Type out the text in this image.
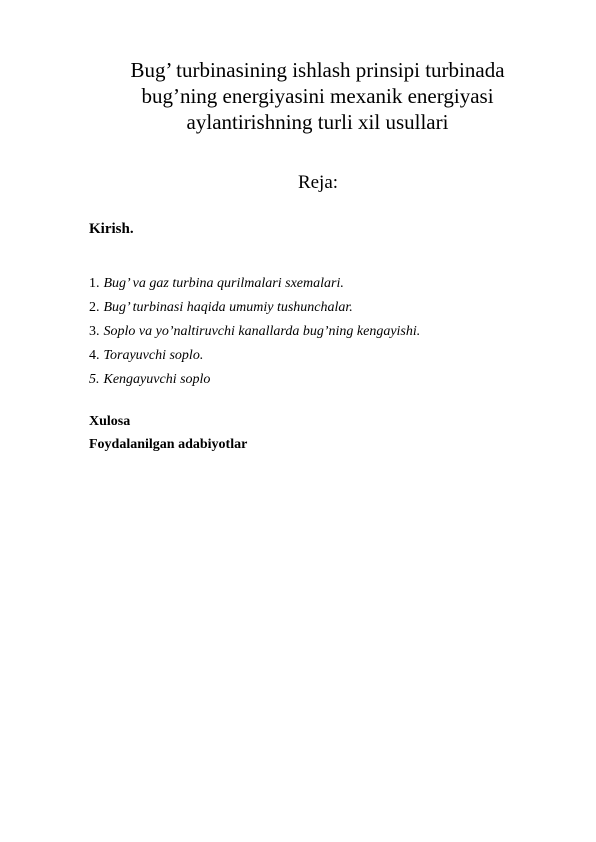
Bug’ turbinasining ishlash prinsipi turbinada
bug’ning energiyasini mexanik energiyasi
aylantirishning turli xil usullari
Reja:
Kirish.
1. Bug’ va gaz turbina qurilmalari sxemalari.
2. Bug’ turbinasi haqida umumiy tushunchalar.
3. Soplo va yo’naltiruvchi kanallarda bug’ning kengayishi.
4. Torayuvchi soplo.
5. Kengayuvchi soplo
Xulosa
Foydalanilgan adabiyotlar
